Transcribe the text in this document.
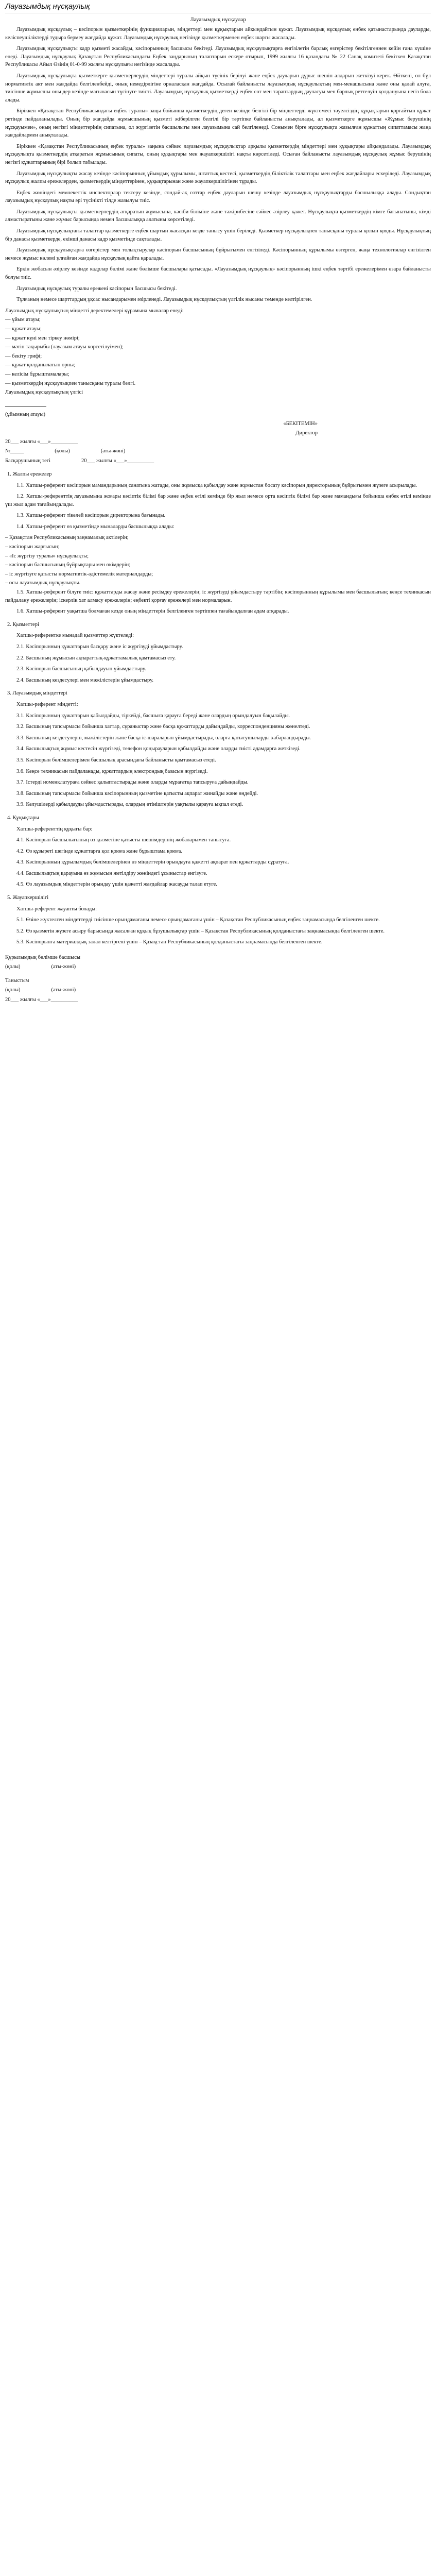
Лауазымдық нұсқаулық
Лауазымдық нұсқаулар

Лауазымдық нұсқаулық – кәсіпорын қызметкерінің функцияларын, міндеттері мен құқықтарын айқындайтын құжат. Лауазымдық нұсқаулық еңбек қатынастарында дауларды, келіспеушіліктерді тудыра бермеу жағдайда құжат. Лауазымдық нұсқаулық негізінде қызметкерменен еңбек шарты жасалады.

Лауазымдық нұсқаулықты кадр қызметі жасайды, кәсіпорынның басшысы бекітеді. Лауазымдық нұсқаулықтарға енгізілетін барлық өзгерістер бекітілгеннен кейін ғана күшіне енеді. Лауазымдық нұсқаулық Қазақстан Республикасындағы Еңбек заңдарының талаптарын ескере отырып, 1999 жылғы 16 қазандағы № 22 Санақ комитеті бекіткен Қазақстан Республикасы Айыл Өзінің 01-0-99 жылғы нұсқаулығы негізінде жасалады.

Лауазымдық нұсқаулықта қызметкерге қызметкерлердің міндеттері туралы айқын түсінік берілуі және еңбек дауларын дұрыс шешіп алдарын жеткізуі керек. Өйткені, ол бұл нормативтік акт мен жағдайда белгіленбейді, оның немедірлігіне орналасқан жағдайда. Осылай байланысты лауазымдық нұсқаулықтың мен-менашысына және оны қалай алуға, тиісінше жұмысшы оны дер кезінде мағынасын түсінуге тиісті. Лауазымдық нұсқаулық қызметкерді еңбек сот мен тараптардың дауласуы мен барлық реттелуін қолдануына негіз бола алады.

Біріккен «Қазақстан Республикасындағы еңбек туралы» заңы бойынша қызметкердің деген кезінде белгілі бір міндеттерді жүктемесі тәуелсіздің құқықтарын қорғайтын құжат ретінде пайдаланылады. Оның бір жағдайда жұмысшының қызметі жіберілген белгілі бір тәртіпке байланысты анықталады, ал қызметкерге жұмысшы «Жұмыс берушінің нұсқауымен», оның негізгі міндеттерінің сипатына, ол жүргізетін басшылығы мен лауазымына сай белгіленеді. Сонымен бірге нұсқаулықта жазылған құжаттың сипаттамасы жаңа жағдайлармен анықталады.

Біріккен «Қазақстан Республикасының еңбек туралы» заңына сәйкес лауазымдық нұсқаулықтар арқылы қызметкердің міндеттері мен құқықтары айқындалады. Лауазымдық нұсқаулықта қызметкердің атқаратын жұмысының сипаты, оның құқықтары мен жауапкершілігі нақты көрсетіледі. Осыған байланысты лауазымдық нұсқаулық жұмыс берушінің негізгі құжаттарының бірі болып табылады.

Лауазымдық нұсқаулықты жасау кезінде кәсіпорынның ұйымдық құрылымы, штаттық кестесі, қызметкердің біліктілік талаптары мен еңбек жағдайлары ескеріледі. Лауазымдық нұсқаулық жалпы ережелерден, қызметкердің міндеттерінен, құқықтарынан және жауапкершілігінен тұрады.

Еңбек жөніндегі мемлекеттік инспекторлар тексеру кезінде, сондай-ақ соттар еңбек дауларын шешу кезінде лауазымдық нұсқаулықтарды басшылыққа алады. Сондықтан лауазымдық нұсқаулық нақты әрі түсінікті тілде жазылуы тиіс.

Лауазымдық нұсқаулықты қызметкерлердің атқаратын жұмысына, кәсіби біліміне және тәжірибесіне сәйкес әзірлеу қажет. Нұсқаулықта қызметкердің кімге бағынатыны, кімді алмастыратыны және жұмыс барысында немен басшылыққа алатыны көрсетіледі.

Лауазымдық нұсқаулықтағы талаптар қызметкерге еңбек шартын жасасқан кезде танысу үшін беріледі. Қызметкер нұсқаулықпен танысқаны туралы қолын қояды. Нұсқаулықтың бір данасы қызметкерде, екінші данасы кадр қызметінде сақталады.

Лауазымдық нұсқаулықтарға өзгерістер мен толықтырулар кәсіпорын басшысының бұйрығымен енгізіледі. Кәсіпорынның құрылымы өзгерген, жаңа технологиялар енгізілген немесе жұмыс көлемі ұлғайған жағдайда нұсқаулық қайта қаралады.

Еркін жобасын әзірлеу кезінде кадрлар бөлімі және бөлімше басшылары қатысады. «Лауазымдық нұсқаулық» кәсіпорынның ішкі еңбек тәртібі ережелерімен өзара байланысты болуы тиіс.

Лауазымдық нұсқаулық туралы ережені кәсіпорын басшысы бекітеді.

Тұлғаның немесе шарттардың ұқсас нысандарымен әзірленеді. Лауазымдық нұсқаулықтың үлгілік нысаны төменде келтірілген.

Лауазымдық нұсқаулықтың міндетті деректемелері құрамына мыналар енеді:
— ұйым атауы;
— құжат атауы;
— құжат күні мен тіркеу нөмірі;
— мәтін тақырыбы (лауазым атауы көрсетілуімен);
— бекіту грифі;
— құжат қолданылатын орны;
— келісім бұрыштамалары;
— қызметкердің нұсқаулықпен танысқаны туралы белгі.
Лауазымдық нұсқаулықтың үлгісі
(ұйымның атауы)
«БЕКІТЕМІН»
Директор
20___ жылғы «___»__________
№_____	(қолы)	(аты-жөні)
Басқарушының тегі	20___ жылғы «___»__________
1. Жалпы ережелер

1.1. Хатшы-референт кәсіпорын мамандарының санатына жатады, оны жұмысқа қабылдау және жұмыстан босату кәсіпорын директорының бұйрығымен жүзеге асырылады.

1.2. Хатшы-референттің лауазымына жоғары кәсіптік білімі бар және еңбек өтілі кемінде бір жыл немесе орта кәсіптік білімі бар және мамандығы бойынша еңбек өтілі кемінде үш жыл адам тағайындалады.

1.3. Хатшы-референт тікелей кәсіпорын директорына бағынады.

1.4. Хатшы-референт өз қызметінде мыналарды басшылыққа алады:

– Қазақстан Республикасының заңнамалық актілерін;
– кәсіпорын жарғысын;
– «Іс жүргізу туралы» нұсқаулықты;
– кәсіпорын басшысының бұйрықтары мен өкімдерін;
– іс жүргізуге қатысты нормативтік-әдістемелік материалдарды;
– осы лауазымдық нұсқаулықты.

1.5. Хатшы-референт білуге тиіс: құжаттарды жасау және ресімдеу ережелерін; іс жүргізуді ұйымдастыру тәртібін; кәсіпорынның құрылымы мен басшылығын; кеңсе техникасын пайдалану ережелерін; іскерлік хат алмасу ережелерін; еңбекті қорғау ережелері мен нормаларын.

1.6. Хатшы-референт уақытша болмаған кезде оның міндеттерін белгіленген тәртіппен тағайындалған адам атқарады.

2. Қызметтері

Хатшы-референтке мынадай қызметтер жүктеледі:

2.1. Кәсіпорынның құжаттарын басқару және іс жүргізуді ұйымдастыру.

2.2. Басшының жұмысын ақпараттық-құжаттамалық қамтамасыз ету.

2.3. Кәсіпорын басшысының қабылдауын ұйымдастыру.

2.4. Басшының кездесулері мен мәжілістерін ұйымдастыру.

3. Лауазымдық міндеттері

Хатшы-референт міндетті:

3.1. Кәсіпорынның құжаттарын қабылдайды, тіркейді, басшыға қарауға береді және олардың орындалуын бақылайды.

3.2. Басшының тапсырмасы бойынша хаттар, сұраныстар және басқа құжаттарды дайындайды, корреспонденцияны жөнелтеді.

3.3. Басшының кездесулерін, мәжілістерін және басқа іс-шараларын ұйымдастырады, оларға қатысушыларды хабарландырады.

3.4. Басшылықтың жұмыс кестесін жүргізеді, телефон қоңырауларын қабылдайды және оларды тиісті адамдарға жеткізеді.

3.5. Кәсіпорын бөлімшелерімен басшылық арасындағы байланысты қамтамасыз етеді.

3.6. Кеңсе техникасын пайдаланады, құжаттардың электрондық базасын жүргізеді.

3.7. Істерді номенклатураға сәйкес қалыптастырады және оларды мұрағатқа тапсыруға дайындайды.

3.8. Басшының тапсырмасы бойынша кәсіпорынның қызметіне қатысты ақпарат жинайды және өңдейді.

3.9. Келушілерді қабылдауды ұйымдастырады, олардың өтініштерін уақтылы қарауға ықпал етеді.

4. Құқықтары

Хатшы-референттің құқығы бар:

4.1. Кәсіпорын басшылығының өз қызметіне қатысты шешімдерінің жобаларымен танысуға.

4.2. Өз құзыреті шегінде құжаттарға қол қоюға және бұрыштама қоюға.

4.3. Кәсіпорынның құрылымдық бөлімшелерінен өз міндеттерін орындауға қажетті ақпарат пен құжаттарды сұратуға.

4.4. Басшылықтың қарауына өз жұмысын жетілдіру жөніндегі ұсыныстар енгізуге.

4.5. Өз лауазымдық міндеттерін орындау үшін қажетті жағдайлар жасауды талап етуге.

5. Жауапкершілігі

Хатшы-референт жауапты болады:

5.1. Өзіне жүктелген міндеттерді тиісінше орындамағаны немесе орындамағаны үшін – Қазақстан Республикасының еңбек заңнамасында белгіленген шекте.

5.2. Өз қызметін жүзеге асыру барысында жасалған құқық бұзушылықтар үшін – Қазақстан Республикасының қолданыстағы заңнамасында белгіленген шекте.

5.3. Кәсіпорынға материалдық залал келтіргені үшін – Қазақстан Республикасының қолданыстағы заңнамасында белгіленген шекте.

Құрылымдық бөлімше басшысы
(қолы)	(аты-жөні)
Таныстым
(қолы)	(аты-жөні)
20___ жылғы «___»__________
